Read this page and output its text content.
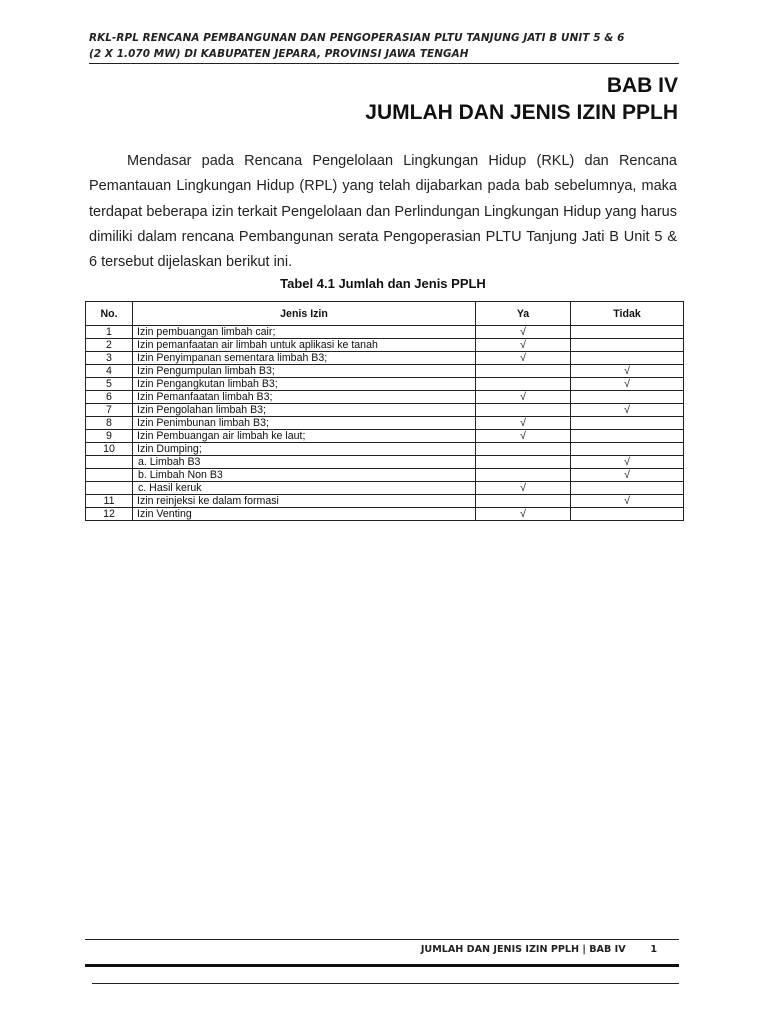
RKL-RPL RENCANA PEMBANGUNAN DAN PENGOPERASIAN PLTU TANJUNG JATI B UNIT 5 & 6
(2 X 1.070 MW) DI KABUPATEN JEPARA, PROVINSI JAWA TENGAH
BAB IV
JUMLAH DAN JENIS IZIN PPLH

Mendasar pada Rencana Pengelolaan Lingkungan Hidup (RKL) dan Rencana Pemantauan Lingkungan Hidup (RPL) yang telah dijabarkan pada bab sebelumnya, maka terdapat beberapa izin terkait Pengelolaan dan Perlindungan Lingkungan Hidup yang harus dimiliki dalam rencana Pembangunan serata Pengoperasian PLTU Tanjung Jati B Unit 5 & 6 tersebut dijelaskan berikut ini.

Tabel 4.1 Jumlah dan Jenis PPLH
No.	Jenis Izin	Ya	Tidak
1	Izin pembuangan limbah cair;	√	
2	Izin pemanfaatan air limbah untuk aplikasi ke tanah	√	
3	Izin Penyimpanan sementara limbah B3;	√	
4	Izin Pengumpulan limbah B3;		√
5	Izin Pengangkutan limbah B3;		√
6	Izin Pemanfaatan limbah B3;	√	
7	Izin Pengolahan limbah B3;		√
8	Izin Penimbunan limbah B3;	√	
9	Izin Pembuangan air limbah ke laut;	√	
10	Izin Dumping;		
	a. Limbah B3		√
	b. Limbah Non B3		√
	c. Hasil keruk	√	
11	Izin reinjeksi ke dalam formasi		√
12	Izin Venting	√	
JUMLAH DAN JENIS IZIN PPLH | BAB IV	1
